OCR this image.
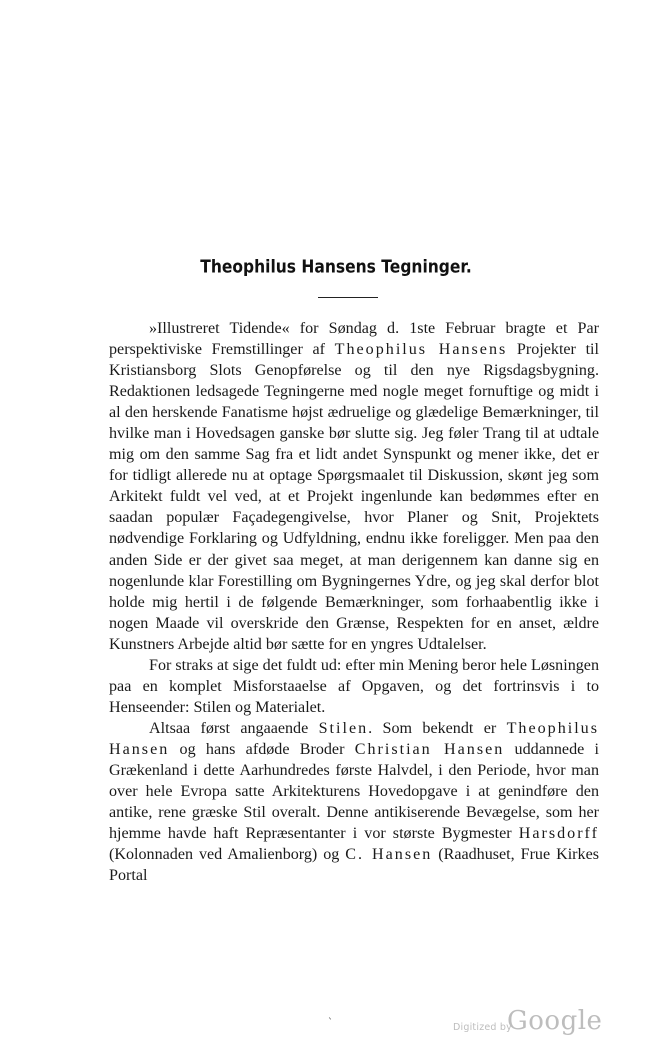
Theophilus Hansens Tegninger.

»Illustreret Tidende« for Søndag d. 1ste Februar bragte et Par perspektiviske Fremstillinger af Theophilus Hansens Projekter til Kristiansborg Slots Genopførelse og til den nye Rigsdagsbygning. Redaktionen ledsagede Tegningerne med nogle meget fornuftige og midt i al den herskende Fanatisme højst ædruelige og glædelige Bemærkninger, til hvilke man i Hovedsagen ganske bør slutte sig. Jeg føler Trang til at udtale mig om den samme Sag fra et lidt andet Synspunkt og mener ikke, det er for tidligt allerede nu at optage Spørgsmaalet til Diskussion, skønt jeg som Arkitekt fuldt vel ved, at et Projekt ingenlunde kan bedømmes efter en saadan populær Façadegengivelse, hvor Planer og Snit, Projektets nødvendige Forklaring og Udfyldning, endnu ikke foreligger. Men paa den anden Side er der givet saa meget, at man derigennem kan danne sig en nogenlunde klar Forestilling om Bygningernes Ydre, og jeg skal derfor blot holde mig hertil i de følgende Bemærkninger, som forhaabentlig ikke i nogen Maade vil overskride den Grænse, Respekten for en anset, ældre Kunstners Arbejde altid bør sætte for en yngres Udtalelser.

For straks at sige det fuldt ud: efter min Mening beror hele Løsningen paa en komplet Misforstaaelse af Opgaven, og det fortrinsvis i to Henseender: Stilen og Materialet.

Altsaa først angaaende Stilen. Som bekendt er Theophilus Hansen og hans afdøde Broder Christian Hansen uddannede i Grækenland i dette Aarhundredes første Halvdel, i den Periode, hvor man over hele Evropa satte Arkitekturens Hovedopgave i at genindføre den antike, rene græske Stil overalt. Denne antikiserende Bevægelse, som her hjemme havde haft Repræsentanter i vor største Bygmester Harsdorff (Kolonnaden ved Amalienborg) og C. Hansen (Raadhuset, Frue Kirkes Portal

`	Digitized by
Google
